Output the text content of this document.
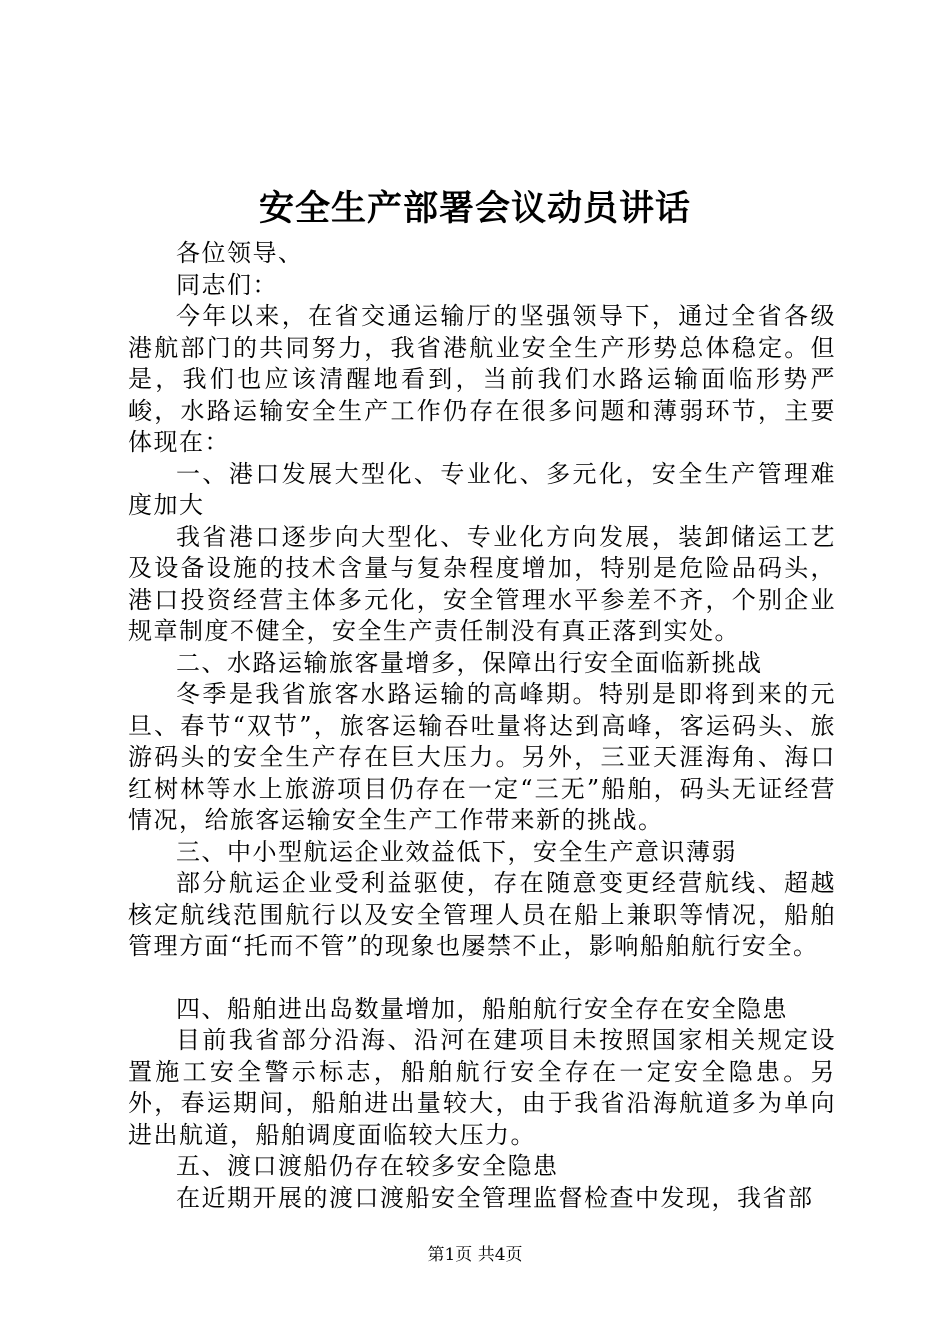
安全生产部署会议动员讲话

各位领导、

同志们：

今年以来，在省交通运输厅的坚强领导下，通过全省各级港航部门的共同努力，我省港航业安全生产形势总体稳定。但是，我们也应该清醒地看到，当前我们水路运输面临形势严峻，水路运输安全生产工作仍存在很多问题和薄弱环节，主要体现在：

一、港口发展大型化、专业化、多元化，安全生产管理难度加大

我省港口逐步向大型化、专业化方向发展，装卸储运工艺及设备设施的技术含量与复杂程度增加，特别是危险品码头，港口投资经营主体多元化，安全管理水平参差不齐，个别企业规章制度不健全，安全生产责任制没有真正落到实处。

二、水路运输旅客量增多，保障出行安全面临新挑战

冬季是我省旅客水路运输的高峰期。特别是即将到来的元旦、春节“双节”，旅客运输吞吐量将达到高峰，客运码头、旅游码头的安全生产存在巨大压力。另外，三亚天涯海角、海口红树林等水上旅游项目仍存在一定“三无”船舶，码头无证经营情况，给旅客运输安全生产工作带来新的挑战。

三、中小型航运企业效益低下，安全生产意识薄弱

部分航运企业受利益驱使，存在随意变更经营航线、超越核定航线范围航行以及安全管理人员在船上兼职等情况，船舶管理方面“托而不管”的现象也屡禁不止，影响船舶航行安全。

四、船舶进出岛数量增加，船舶航行安全存在安全隐患

目前我省部分沿海、沿河在建项目未按照国家相关规定设置施工安全警示标志，船舶航行安全存在一定安全隐患。另外，春运期间，船舶进出量较大，由于我省沿海航道多为单向进出航道，船舶调度面临较大压力。

五、渡口渡船仍存在较多安全隐患

在近期开展的渡口渡船安全管理监督检查中发现，我省部

第1页 共4页
